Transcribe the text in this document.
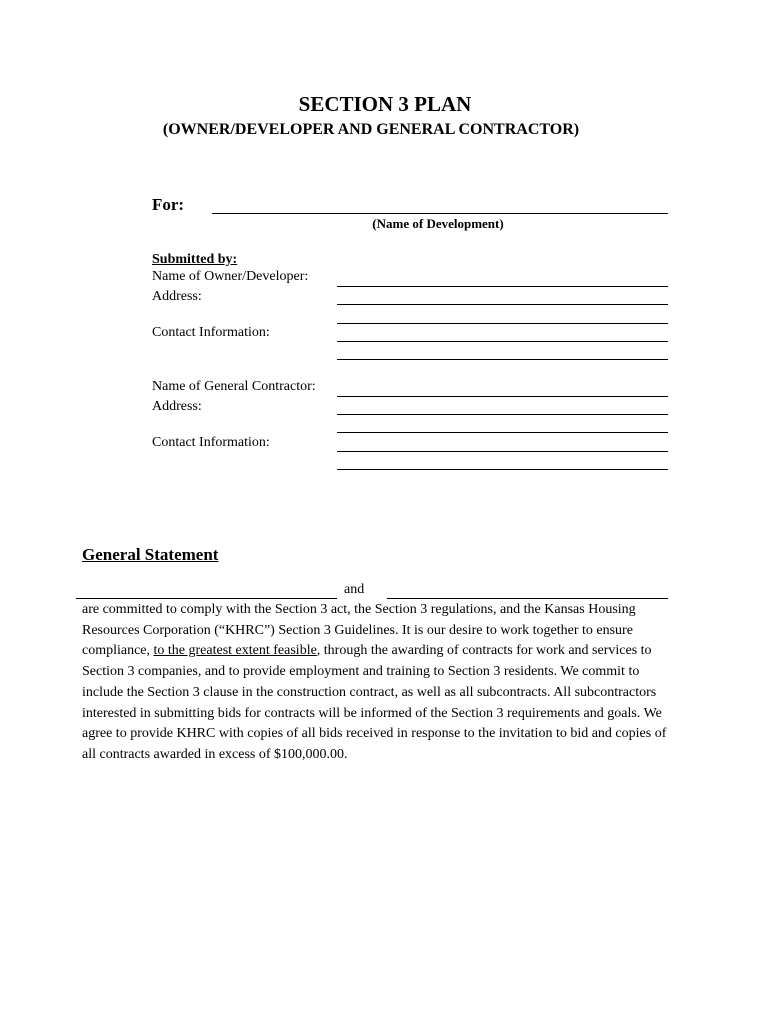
SECTION 3 PLAN
(OWNER/DEVELOPER AND GENERAL CONTRACTOR)
For:
(Name of Development)
Submitted by:
Name of Owner/Developer:
Address:
Contact Information:
Name of General Contractor:
Address:
Contact Information:
General Statement
and
are committed to comply with the Section 3 act, the Section 3 regulations, and the Kansas Housing Resources Corporation (“KHRC”) Section 3 Guidelines. It is our desire to work together to ensure compliance, to the greatest extent feasible, through the awarding of contracts for work and services to Section 3 companies, and to provide employment and training to Section 3 residents. We commit to include the Section 3 clause in the construction contract, as well as all subcontracts. All subcontractors interested in submitting bids for contracts will be informed of the Section 3 requirements and goals. We agree to provide KHRC with copies of all bids received in response to the invitation to bid and copies of all contracts awarded in excess of $100,000.00.
